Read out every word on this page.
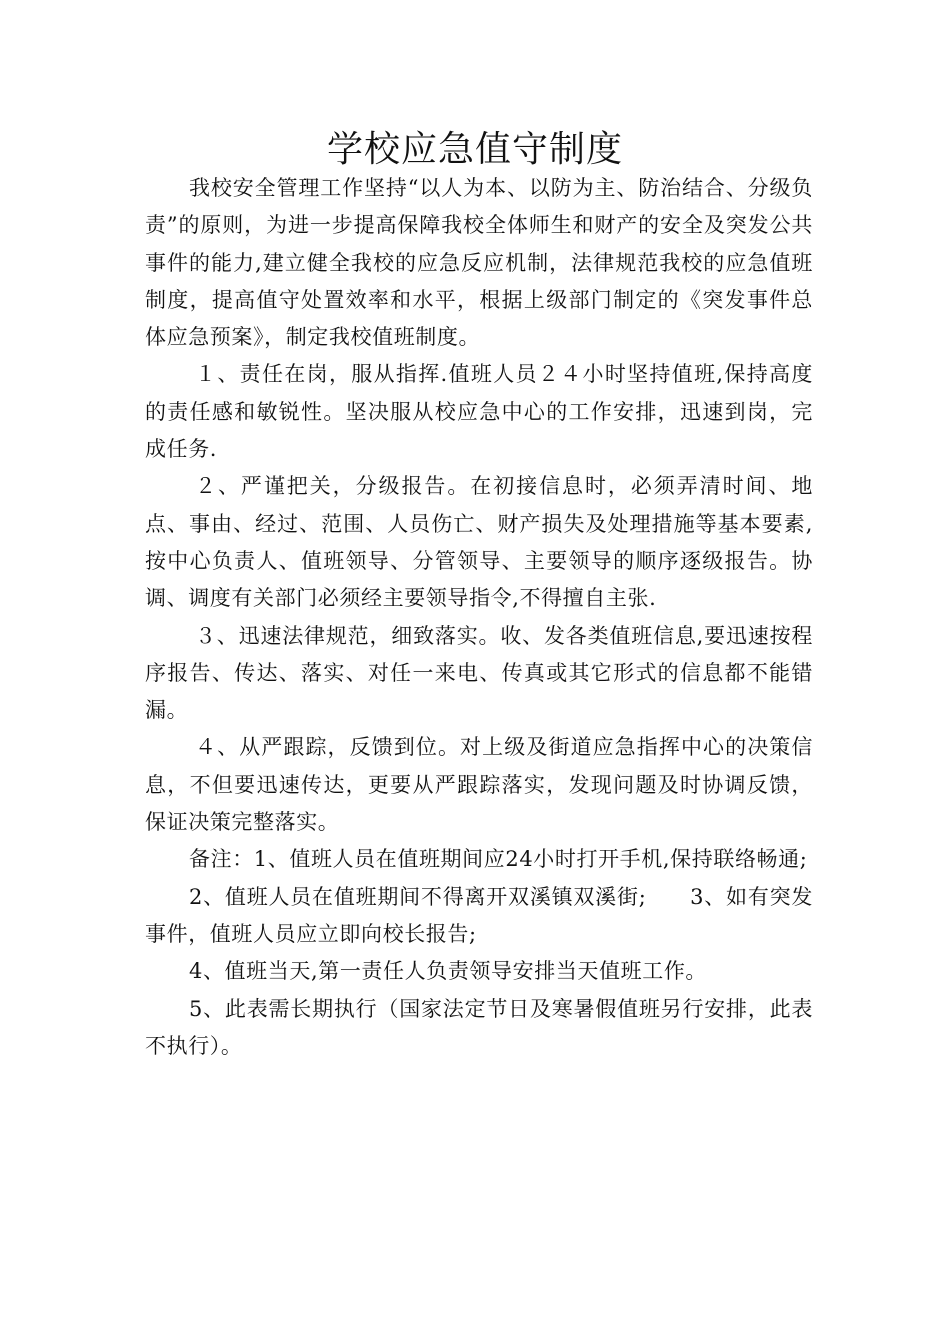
学校应急值守制度

我校安全管理工作坚持“以人为本、以防为主、防治结合、分级负责”的原则，为进一步提高保障我校全体师生和财产的安全及突发公共事件的能力,建立健全我校的应急反应机制，法律规范我校的应急值班制度，提高值守处置效率和水平，根据上级部门制定的《突发事件总体应急预案》，制定我校值班制度。

１、责任在岗，服从指挥.值班人员２４小时坚持值班,保持高度的责任感和敏锐性。坚决服从校应急中心的工作安排，迅速到岗，完成任务.

２、严谨把关，分级报告。在初接信息时，必须弄清时间、地点、事由、经过、范围、人员伤亡、财产损失及处理措施等基本要素,按中心负责人、值班领导、分管领导、主要领导的顺序逐级报告。协调、调度有关部门必须经主要领导指令,不得擅自主张.

３、迅速法律规范，细致落实。收、发各类值班信息,要迅速按程序报告、传达、落实、对任一来电、传真或其它形式的信息都不能错漏。

４、从严跟踪，反馈到位。对上级及街道应急指挥中心的决策信息，不但要迅速传达，更要从严跟踪落实，发现问题及时协调反馈，保证决策完整落实。

备注：1、值班人员在值班期间应24小时打开手机,保持联络畅通;

2、值班人员在值班期间不得离开双溪镇双溪街;　　3、如有突发事件，值班人员应立即向校长报告;

4、值班当天,第一责任人负责领导安排当天值班工作。

5、此表需长期执行（国家法定节日及寒暑假值班另行安排，此表不执行）。
